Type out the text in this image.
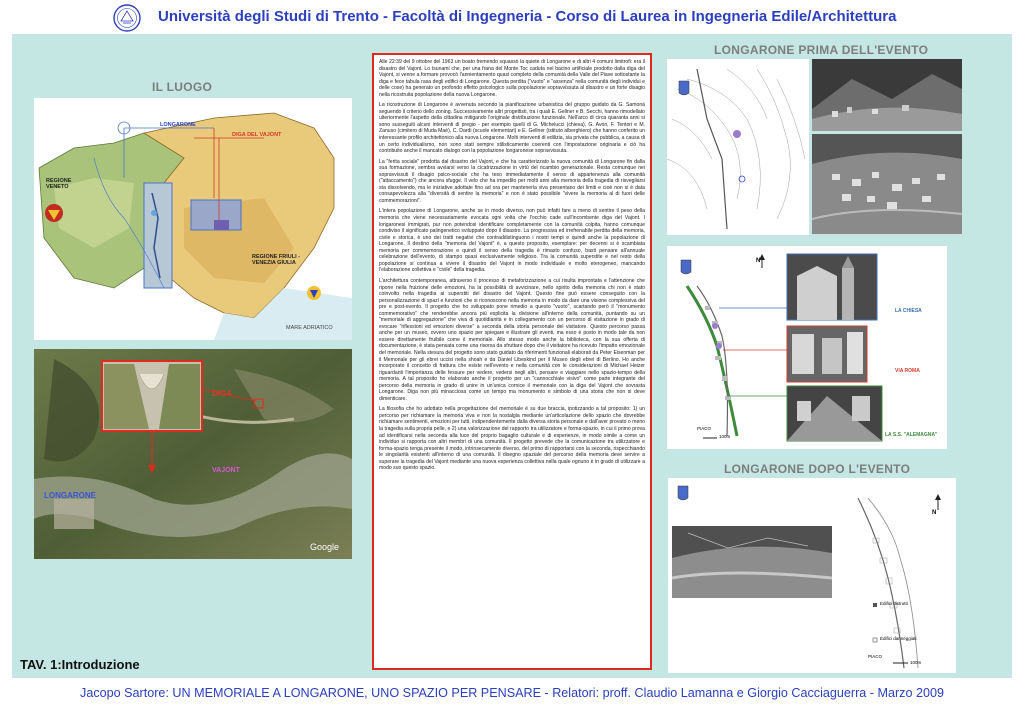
Università degli Studi di Trento - Facoltà di Ingegneria - Corso di Laurea in Ingegneria Edile/Architettura
IL LUOGO
LONGARONE
DIGA DEL VAJONT
REGIONE VENETO
REGIONE FRIULI - VENEZIA GIULIA
MARE ADRIATICO
DIGA
VAJONT
LONGARONE
Google

Alle 22:39 del 9 ottobre del 1963 un boato tremendo squassò la quiete di Longarone e di altri 4 comuni limitrofi: era il disastro del Vajont. Lo tsunami che, per una frana del Monte Toc caduta nel bacino artificiale prodotto dalla diga del Vajont, si venne a formare provocò l'annientamento quasi completo della comunità della Valle del Piave sottostante la diga e fece tabula rasa degli edifici di Longarone. Questa perdita ("vuoto" e "assenza" nella comunità degli individui e delle cose) ha generato un profondo effetto psicologico sulla popolazione sopravvissuta al disastro e un forte disagio nella ricostruita popolazione della nuova Longarone.

La ricostruzione di Longarone è avvenuta secondo la pianificazione urbanistica del gruppo guidato da G. Samonà seguendo il criterio dello zoning. Successivamente altri progettisti, tra i quali E. Gellner e B. Secchi, hanno rimodellato ulteriormente l'aspetto della cittadina mitigando l'originale distribuzione funzionale. Nell'arco di circa quaranta anni si sono susseguiti alcuni interventi di pregio - per esempio quelli di G. Michelucci (chiesa), G. Avon, F. Tentori e M. Zanuso (cimitero di Muda Maè), C. Dardi (scuole elementari) e E. Gellner (istituto alberghiero) che hanno conferito un interessante profilo architettonico alla nuova Longarone. Molti interventi di edilizia, sia privata che pubblica, a causa di un certo individualismo, non sono stati sempre stilisticamente coerenti con l'impostazione originaria e ciò ha contribuito anche il mancato dialogo con la popolazione longaronese sopravvissuta.

La "ferita sociale" prodotta dal disastro del Vajont, e che ha caratterizzato la nuova comunità di Longarone fin dalla sua formazione, sembra avviarsi verso la cicatrizzazione in virtù del ricambio generazionale. Resta comunque nei sopravvissuti il disagio psico-sociale che ha teso immediatamente il senso di appartenenza alla comunità ("attaccamento") che ancora sfugge. Il velo che ha impedito per molti anni alla memoria della tragedia di risvegliarsi sta dissolvendo, ma le iniziative adottate fino ad ora per mantenerla viva presentano dei limiti e cioè non si è data consapevolezza alla "diversità di sentire la memoria" e non è stato possibile "vivere la memoria al di fuori delle commemorazioni".

L'intera popolazione di Longarone, anche se in modo diverso, non può infatti fare a meno di sentire il peso della memoria che viene necessariamente evocata ogni volta che l'occhio cade sull'incombente diga del Vajont. I longaronesi immigrati, pur non potendosi identificare completamente con la comunità colpita, hanno comunque condiviso il significato palingenetico sviluppato dopo il disastro. La progressiva ed irrefrenabile perdita della memoria, civile e storica, è uno dei tratti negativi che contraddistinguono i nostri tempi e quindi anche la popolazione di Longarone. Il destino della "memoria del Vajont" è, a questo proposito, esemplare: per decenni si è scambiata memoria per commemorazione e quindi il senso della tragedia è rimasto confuso, basti pensare all'annuale celebrazione dell'evento, di stampo quasi esclusivamente religioso. Tra la comunità superstite e nel resto della popolazione si continua a vivere il disastro del Vajont in modo individuale e molto eterogeneo, mancando l'elaborazione collettiva e "civile" della tragedia.

L'architettura contemporanea, attraverso il processo di metaforizzazione a cui risulta improntata e l'attenzione che ripone nella fruizione delle emozioni, ha la possibilità di avvicinare, nello spirito della memoria chi non è stato coinvolto nella tragedia ai superstiti del disastro del Vajont. Questo fine può essere conseguito con la personalizzazione di spazi e funzioni che si riconoscono nella memoria in modo da dare una visione complessiva del pre e post-evento. Il progetto che ho sviluppato pone rimedio a questo "vuoto", scartando però il "monumento commemorativo" che renderebbe ancora più esplicita la divisione all'interno della comunità, puntando su un "memoriale di aggregazione" che viva di quotidianità e in collegamento con un percorso di visitazione in grado di evocare "riflessioni ed emozioni diverse" a seconda della storia personale del visitatore. Questo percorso passa anche per un museo, ovvero uno spazio per spiegare e illustrare gli eventi, ma esso è posto in modo tale da non essere direttamente fruibile come il memoriale. Allo stesso modo anche la biblioteca, con la sua offerta di documentazione, è stata pensata come una risorsa da sfruttare dopo che il visitatore ha ricevuto l'impatto emozionale del memoriale. Nella stesura del progetto sono stato guidato da riferimenti funzionali elaborati da Peter Eisenman per il Memoriale per gli ebrei uccisi nella shoah e da Daniel Libeskind per il Museo degli ebrei di Berlino. Ho anche incorporato il concetto di frattura che esiste nell'evento e nella comunità con le considerazioni di Michael Heizer riguardanti l'importanza delle fessure per vedere, vedersi negli altri, pensare e viaggiare nello spazio-tempo della memoria. A tal proposito ho elaborato anche il progetto per un "cannocchiale visivo" come parte integrante del percorso della memoria in grado di unire in un'unica cornice il memoriale con la diga del Vajont che sovrasta Longarone. Diga non più minacciosa come un tempo ma monumento e simbolo di una storia che non si deve dimenticare.

La filosofia che ho adottato nella progettazione del memoriale è su due braccia, ipotizzando a tal proposito: 1) un percorso per richiamare la memoria viva e non la nostalgia mediante un'articolazione dello spazio che dovrebbe richiamare sentimenti, emozioni per tutti, indipendentemente dalla diversa storia personale e dall'aver provato o meno la tragedia sulla propria pelle, e 2) una valorizzazione del rapporto tra utilizzatore e forma-spazio, in cui il primo prova ad identificarsi nella seconda alla luce del proprio bagaglio culturale e di esperienze, in modo simile a come un individuo si rapporta con altri membri di una comunità. Il progetto prevede che la comunicazione tra utilizzatore e forma-spazio tenga presente il modo, intrinsecamente diverso, del primo di rapportarsi con la seconda, rispecchiando le singolarità esistenti all'interno di una comunità. Il disegno spaziale del percorso della memoria deve servire a superare la tragedia del Vajont mediante una nuova esperienza collettiva nella quale ognuno è in grado di utilizzare a modo suo questo spazio.

LONGARONE PRIMA DELL'EVENTO
N
LA CHIESA
VIA ROMA
LA S.S. "ALEMAGNA"
PIACO
100m
LONGARONE DOPO L'EVENTO
N
Edifici distrutti
Edifici danneggiati
PIACO
100m
TAV. 1:Introduzione
Jacopo Sartore: UN MEMORIALE A LONGARONE, UNO SPAZIO PER PENSARE - Relatori: proff. Claudio Lamanna e Giorgio Cacciaguerra - Marzo 2009
